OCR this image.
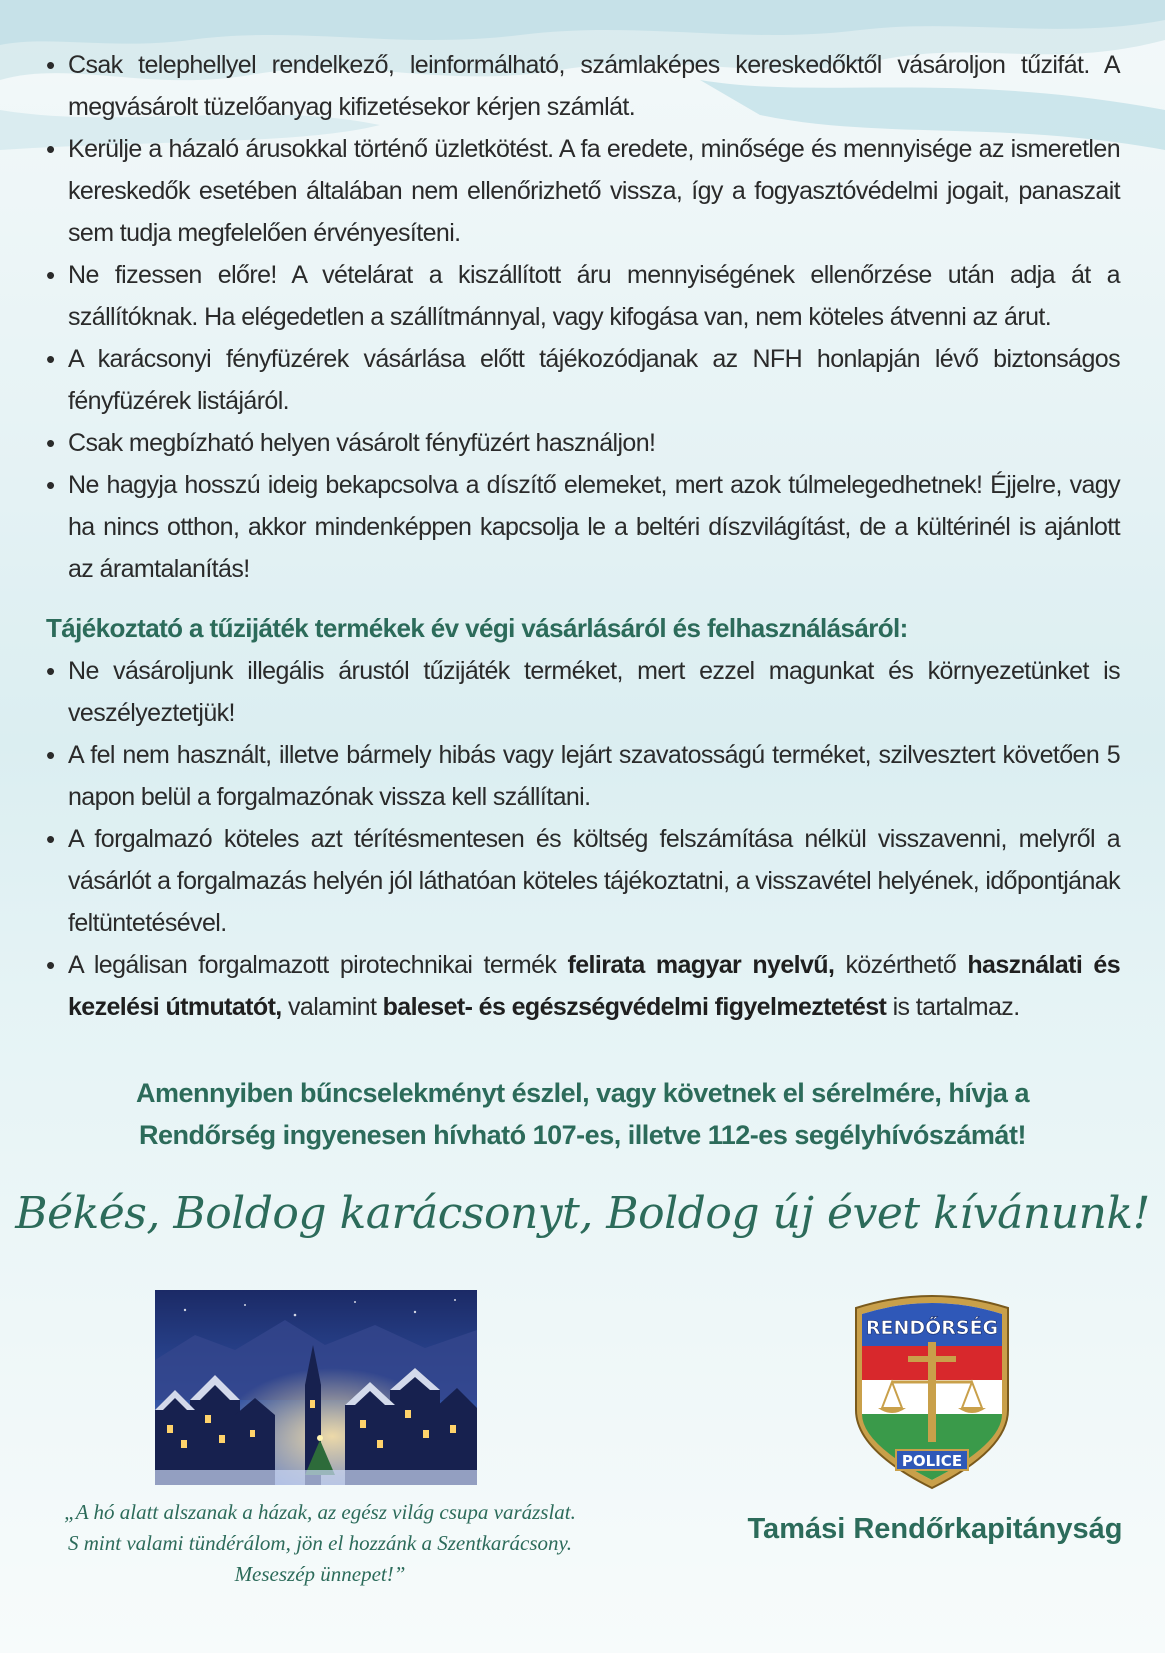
• Csak telephellyel rendelkező, leinformálható, számlaképes kereskedőktől vásároljon tűzifát. A megvásárolt tüzelőanyag kifizetésekor kérjen számlát.
• Kerülje a házaló árusokkal történő üzletkötést. A fa eredete, minősége és mennyisége az ismeretlen kereskedők esetében általában nem ellenőrizhető vissza, így a fogyasztóvédelmi jogait, panaszait sem tudja megfelelően érvényesíteni.
• Ne fizessen előre! A vételárat a kiszállított áru mennyiségének ellenőrzése után adja át a szállítóknak. Ha elégedetlen a szállítmánnyal, vagy kifogása van, nem köteles átvenni az árut.
• A karácsonyi fényfüzérek vásárlása előtt tájékozódjanak az NFH honlapján lévő biztonságos fényfüzérek listájáról.
• Csak megbízható helyen vásárolt fényfüzért használjon!
• Ne hagyja hosszú ideig bekapcsolva a díszítő elemeket, mert azok túlmelegedhetnek! Éjjelre, vagy ha nincs otthon, akkor mindenképpen kapcsolja le a beltéri díszvilágítást, de a kültérinél is ajánlott az áramtalanítás!
Tájékoztató a tűzijáték termékek év végi vásárlásáról és felhasználásáról:
• Ne vásároljunk illegális árustól tűzijáték terméket, mert ezzel magunkat és környezetünket is veszélyeztetjük!
• A fel nem használt, illetve bármely hibás vagy lejárt szavatosságú terméket, szilvesztert követően 5 napon belül a forgalmazónak vissza kell szállítani.
• A forgalmazó köteles azt térítésmentesen és költség felszámítása nélkül visszavenni, melyről a vásárlót a forgalmazás helyén jól láthatóan köteles tájékoztatni, a visszavétel helyének, időpontjának feltüntetésével.
• A legálisan forgalmazott pirotechnikai termék felirata magyar nyelvű, közérthető használati és kezelési útmutatót, valamint baleset- és egészségvédelmi figyelmeztetést is tartalmaz.
Amennyiben bűncselekményt észlel, vagy követnek el sérelmére, hívja a
Rendőrség ingyenesen hívható 107-es, illetve 112-es segélyhívószámát!
Békés, Boldog karácsonyt, Boldog új évet kívánunk!
„A hó alatt alszanak a házak, az egész világ csupa varázslat.
S mint valami tündérálom, jön el hozzánk a Szentkarácsony.
Meseszép ünnepet!”
RENDŐRSÉG
POLICE
Tamási Rendőrkapitányság
